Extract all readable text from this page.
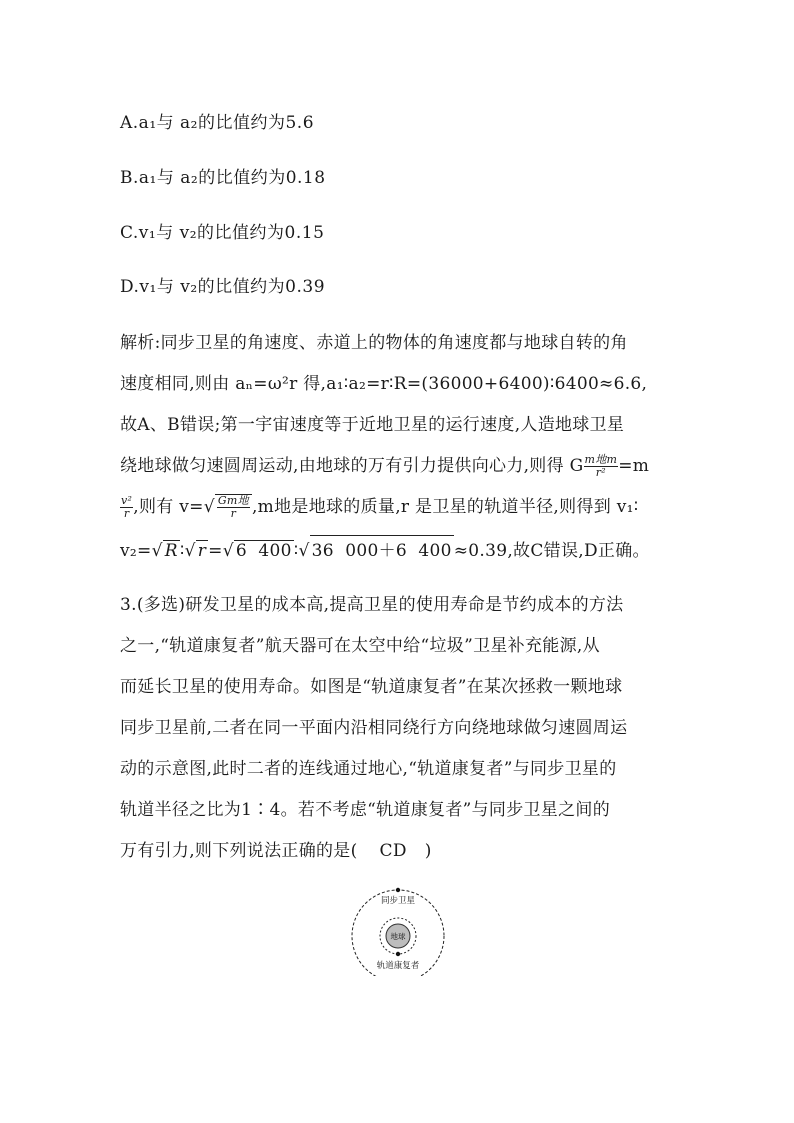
A.a₁与 a₂的比值约为5.6
B.a₁与 a₂的比值约为0.18
C.v₁与 v₂的比值约为0.15
D.v₁与 v₂的比值约为0.39
解析:同步卫星的角速度、赤道上的物体的角速度都与地球自转的角
速度相同,则由 aₙ=ω²r 得,a₁∶a₂=r∶R=(36000+6400)∶6400≈6.6,
故A、B错误;第一宇宙速度等于近地卫星的运行速度,人造地球卫星
绕地球做匀速圆周运动,由地球的万有引力提供向心力,则得 G $\frac{\text{m地m}}{\text{r²}} =m$
$\frac{\text{v²}}{r}$ ,则有 $v=√ \frac{\text{Gm地}}{r} ,m$地是地球的质量,r 是卫星的轨道半径,则得到 v₁∶
v₂=√ R ∶√ r =√ 6  400 ∶√ 36  000＋6  400 ≈0.39,故C错误,D正确。
3.(多选)研发卫星的成本高,提高卫星的使用寿命是节约成本的方法
之一,“轨道康复者”航天器可在太空中给“垃圾”卫星补充能源,从
而延长卫星的使用寿命。如图是“轨道康复者”在某次拯救一颗地球
同步卫星前,二者在同一平面内沿相同绕行方向绕地球做匀速圆周运
动的示意图,此时二者的连线通过地心,“轨道康复者”与同步卫星的
轨道半径之比为1∶4。若不考虑“轨道康复者”与同步卫星之间的
万有引力,则下列说法正确的是( CD )
同步卫星
地球
轨道康复者
